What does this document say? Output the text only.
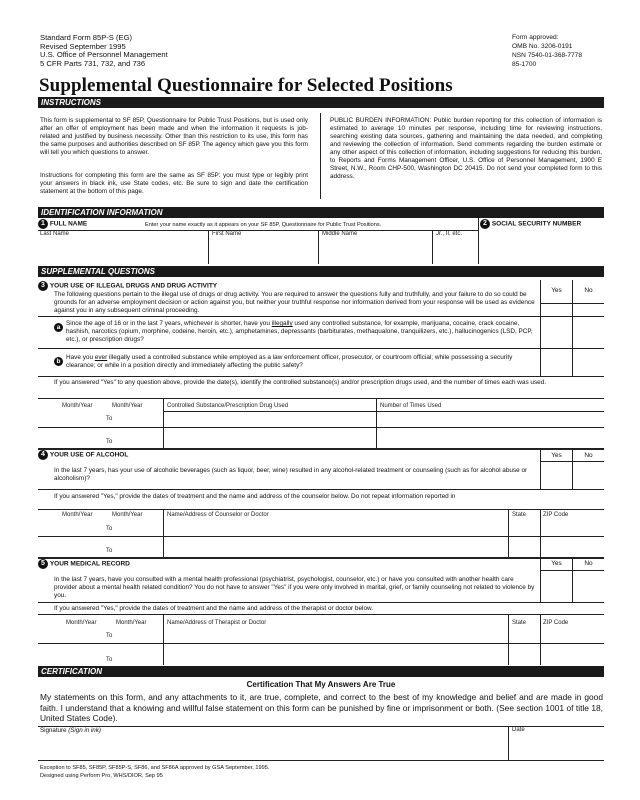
Standard Form 85P-S (EG)
Revised September 1995
U.S. Office of Personnel Management
5 CFR Parts 731, 732, and 736
Form approved:
OMB No. 3206-0191
NSN 7540-01-368-7778
85-1700
Supplemental Questionnaire for Selected Positions
INSTRUCTIONS
This form is supplemental to SF 85P, Questionnaire for Public Trust Positions, but is used only after an offer of employment has been made and when the information it requests is job-related and justified by business necessity. Other than this restriction to its use, this form has the same purposes and authorities described on SF 85P. The agency which gave you this form will tell you which questions to answer.
Instructions for completing this form are the same as SF 85P: you must type or legibly print your answers in black ink, use State codes, etc. Be sure to sign and date the certification statement at the bottom of this page.
PUBLIC BURDEN INFORMATION: Public burden reporting for this collection of information is estimated to average 10 minutes per response, including time for reviewing instructions, searching existing data sources, gathering and maintaining the data needed, and completing and reviewing the collection of information. Send comments regarding the burden estimate or any other aspect of this collection of information, including suggestions for reducing this burden, to Reports and Forms Management Officer, U.S. Office of Personnel Management, 1900 E Street, N.W., Room CHP-500, Washington DC 20415. Do not send your completed form to this address.
IDENTIFICATION INFORMATION
1 FULL NAME	Enter your name exactly as it appears on your SF 85P, Questionnaire for Public Trust Positions.	2 SOCIAL SECURITY NUMBER
Last Name	First Name	Middle Name	Jr., II, etc.
SUPPLEMENTAL QUESTIONS
3 YOUR USE OF ILLEGAL DRUGS AND DRUG ACTIVITY
Yes	No
The following questions pertain to the illegal use of drugs or drug activity. You are required to answer the questions fully and truthfully, and your failure to do so could be grounds for an adverse employment decision or action against you, but neither your truthful response nor information derived from your response will be used as evidence against you in any subsequent criminal proceeding.
a
Since the age of 16 or in the last 7 years, whichever is shorter, have you illegally used any controlled substance, for example, marijuana, cocaine, crack cocaine, hashish, narcotics (opium, morphine, codeine, heroin, etc.), amphetamines, depressants (barbiturates, methaqualone, tranquilizers, etc.), hallucinogenics (LSD, PCP, etc.), or prescription drugs?
b
Have you ever illegally used a controlled substance while employed as a law enforcement officer, prosecutor, or courtroom official; while possessing a security clearance; or while in a position directly and immediately affecting the public safety?
If you answered "Yes" to any question above, provide the date(s), identify the controlled substance(s) and/or prescription drugs used, and the number of times each was used.
Month/Year	Month/Year	Controlled Substance/Prescription Drug Used	Number of Times Used
To
To
4 YOUR USE OF ALCOHOL	Yes	No
In the last 7 years, has your use of alcoholic beverages (such as liquor, beer, wine) resulted in any alcohol-related treatment or counseling (such as for alcohol abuse or alcoholism)?
If you answered "Yes," provide the dates of treatment and the name and address of the counselor below. Do not repeat information reported in
Month/Year	Month/Year	Name/Address of Counselor or Doctor	State	ZIP Code
To
To
5 YOUR MEDICAL RECORD	Yes	No
In the last 7 years, have you consulted with a mental health professional (psychiatrist, psychologist, counselor, etc.) or have you consulted with another health care provider about a mental health related condition? You do not have to answer "Yes" if you were only involved in marital, grief, or family counseling not related to violence by you.
If you answered "Yes," provide the dates of treatment and the name and address of the therapist or doctor below.
Month/Year	Month/Year	Name/Address of Therapist or Doctor	State	ZIP Code
To
To
CERTIFICATION
Certification That My Answers Are True
My statements on this form, and any attachments to it, are true, complete, and correct to the best of my knowledge and belief and are made in good faith. I understand that a knowing and willful false statement on this form can be punished by fine or imprisonment or both. (See section 1001 of title 18, United States Code).
Signature (Sign in ink)	Date
Exception to SF85, SF85P, SF85P-S, SF86, and SF86A approved by GSA September, 1995.
Designed using Perform Pro, WHS/DIOR, Sep 95
